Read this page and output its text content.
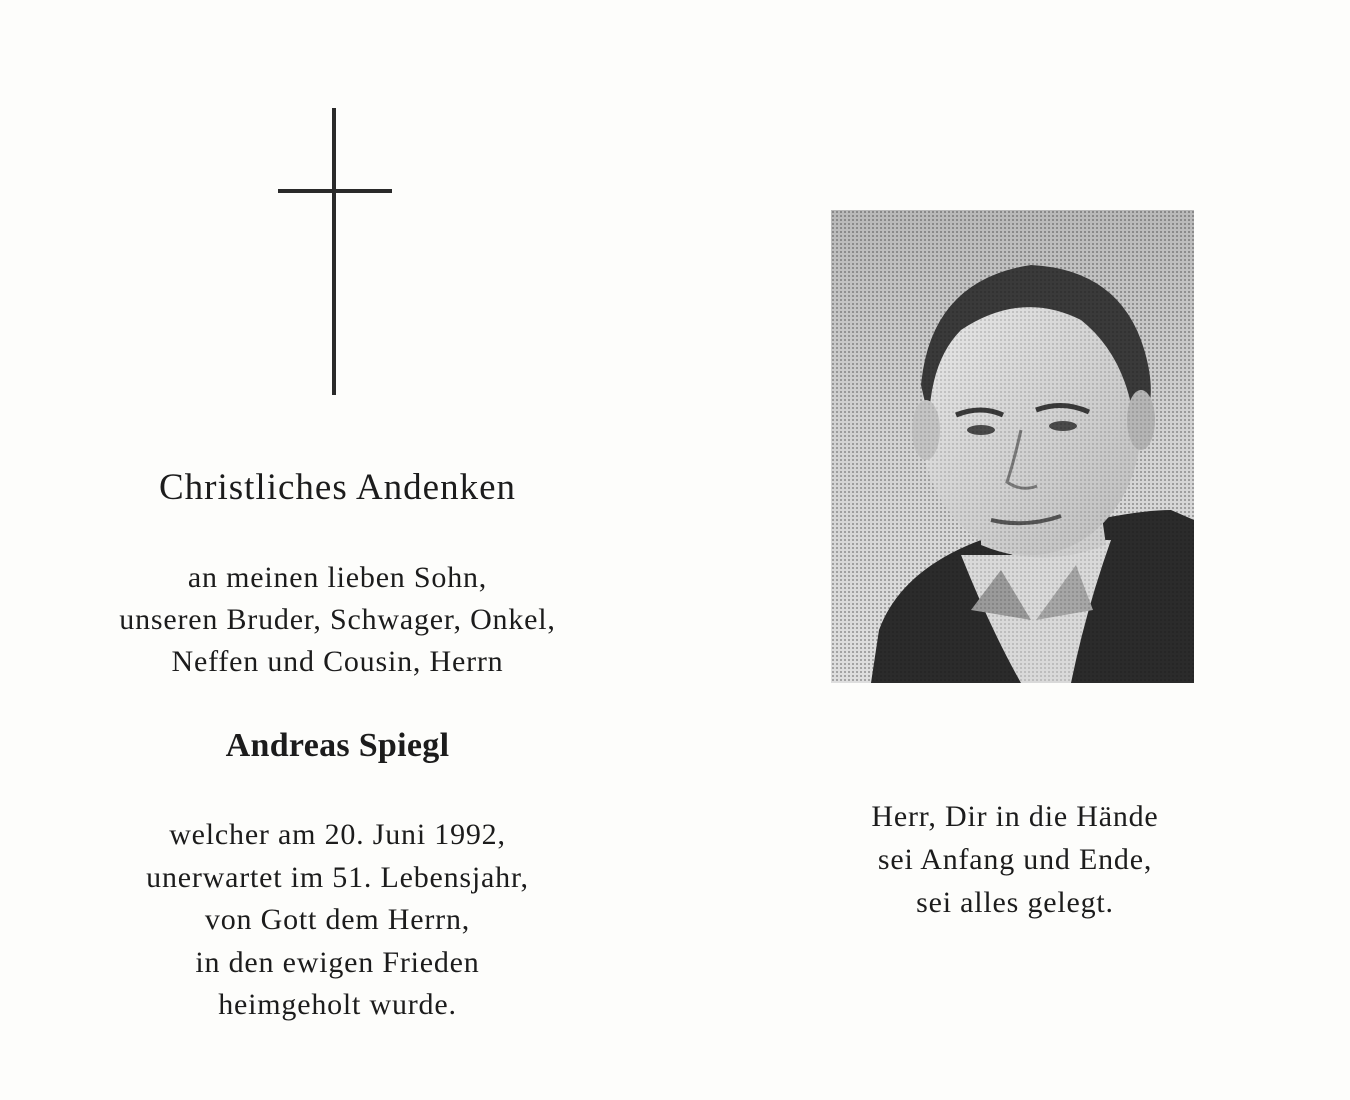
Christliches Andenken
an meinen lieben Sohn,
unseren Bruder, Schwager, Onkel,
Neffen und Cousin, Herrn
Andreas Spiegl
welcher am 20. Juni 1992,
unerwartet im 51. Lebensjahr,
von Gott dem Herrn,
in den ewigen Frieden
heimgeholt wurde.
Herr, Dir in die Hände
sei Anfang und Ende,
sei alles gelegt.
